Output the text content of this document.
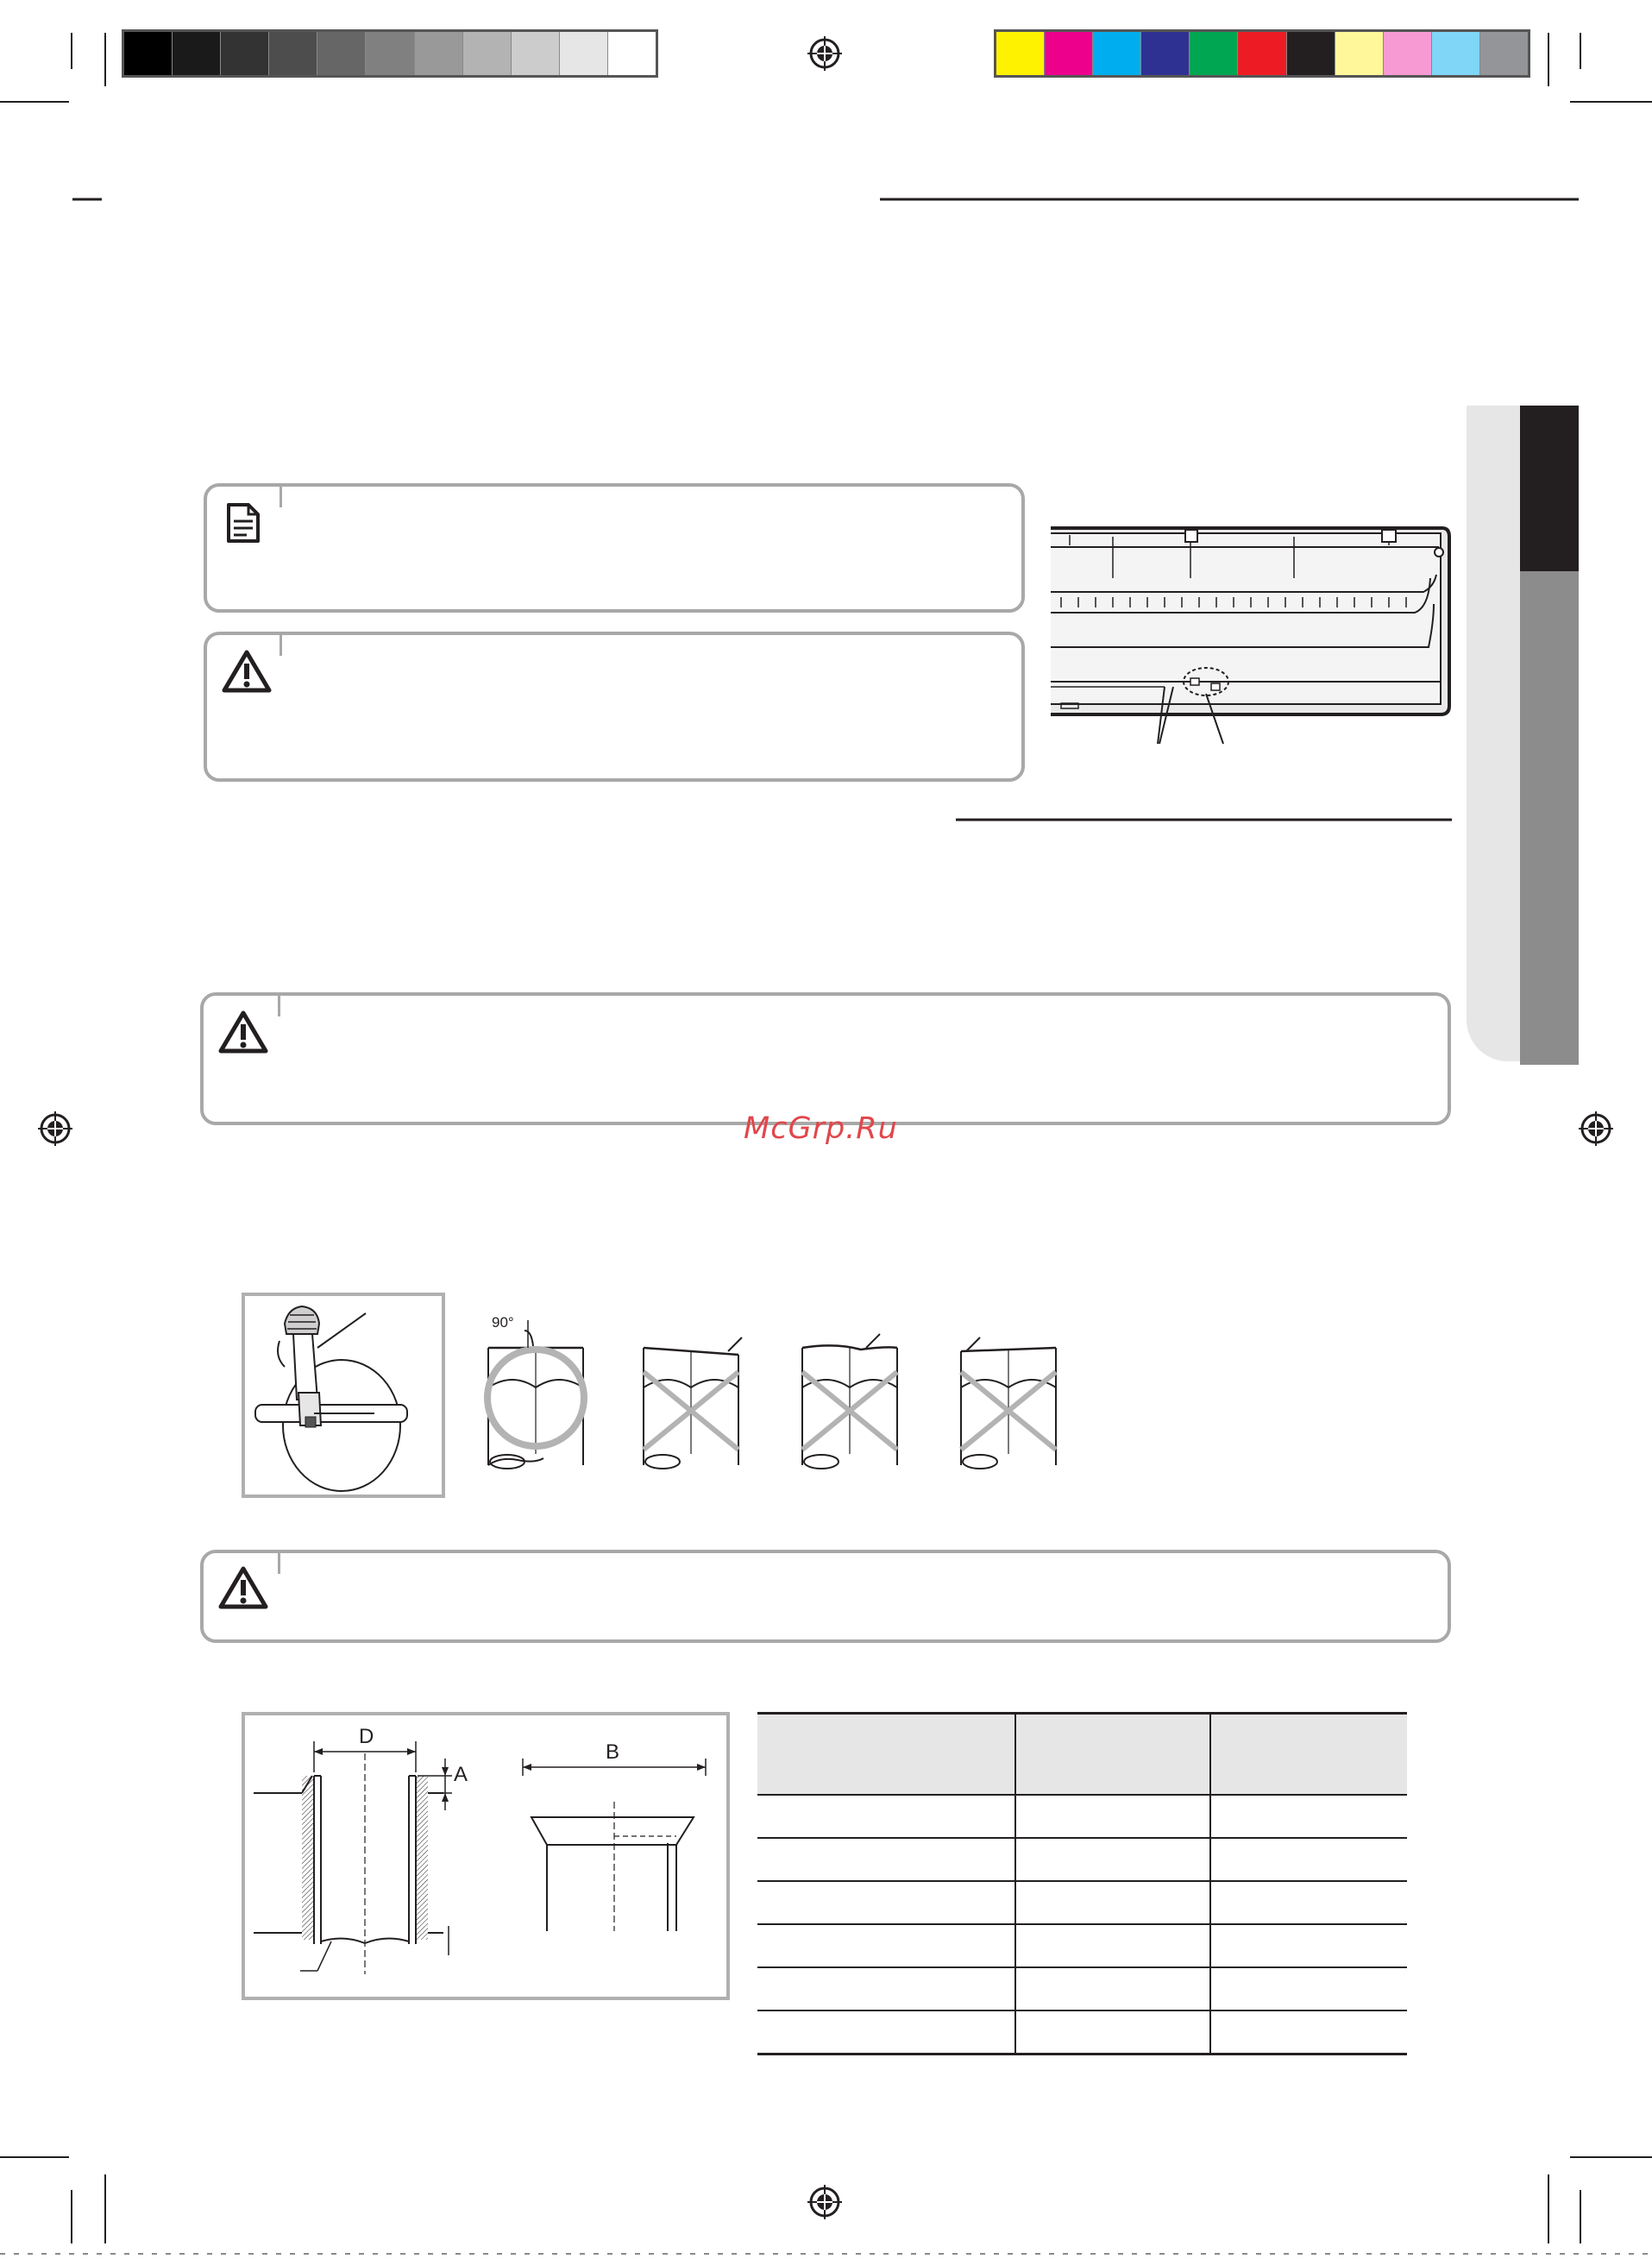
McGrp.Ru
90°
D
A
B
